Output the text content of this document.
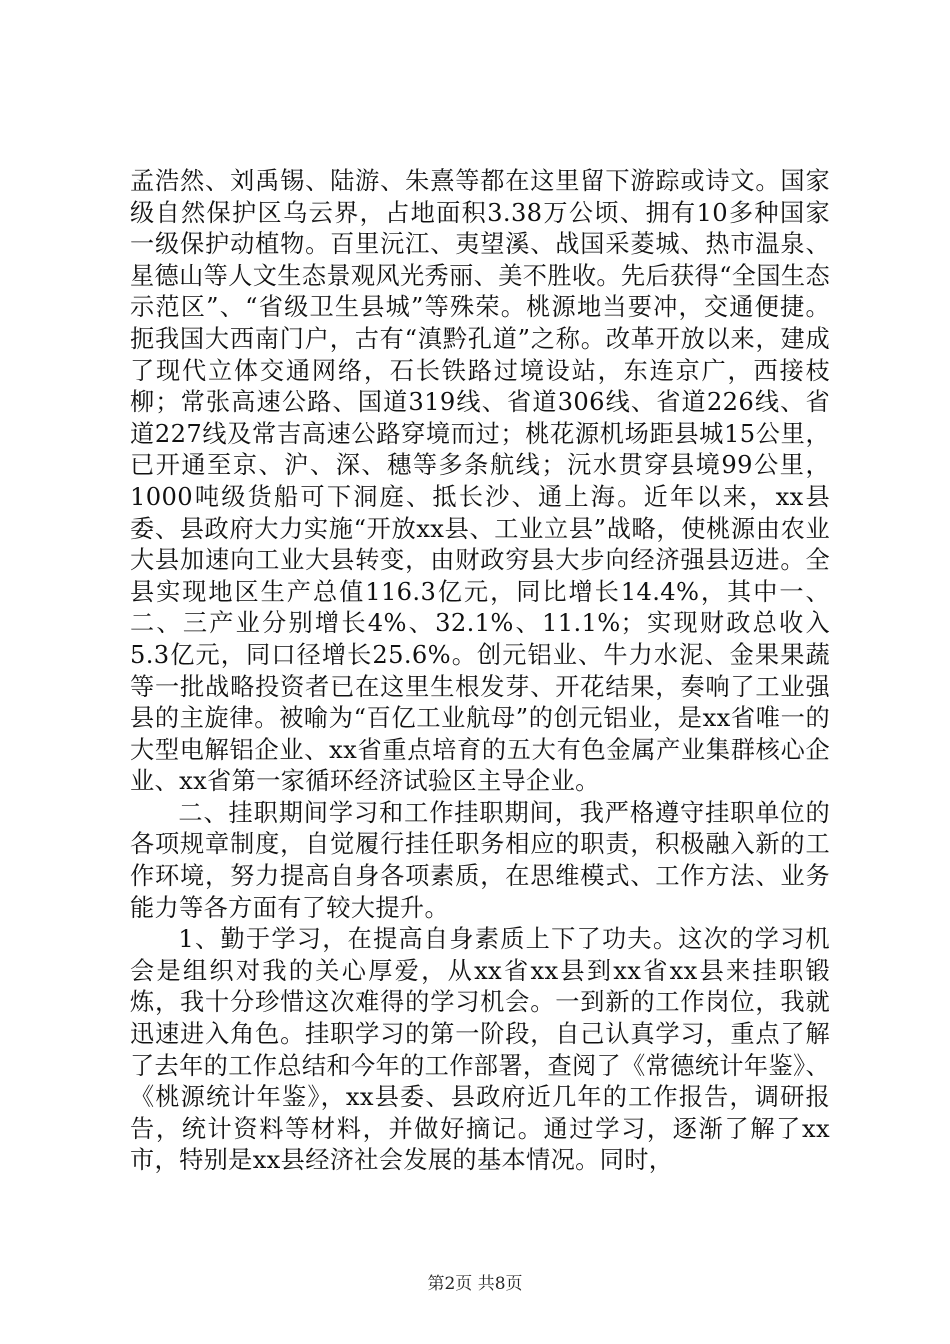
孟浩然、刘禹锡、陆游、朱熹等都在这里留下游踪或诗文。国家级自然保护区乌云界，占地面积3.38万公顷、拥有10多种国家一级保护动植物。百里沅江、夷望溪、战国采菱城、热市温泉、星德山等人文生态景观风光秀丽、美不胜收。先后获得“全国生态示范区”、“省级卫生县城”等殊荣。桃源地当要冲，交通便捷。扼我国大西南门户，古有“滇黔孔道”之称。改革开放以来，建成了现代立体交通网络，石长铁路过境设站，东连京广，西接枝柳；常张高速公路、国道319线、省道306线、省道226线、省道227线及常吉高速公路穿境而过；桃花源机场距县城15公里，已开通至京、沪、深、穗等多条航线；沅水贯穿县境99公里，1000吨级货船可下洞庭、抵长沙、通上海。近年以来，xx县委、县政府大力实施“开放xx县、工业立县”战略，使桃源由农业大县加速向工业大县转变，由财政穷县大步向经济强县迈进。全县实现地区生产总值116.3亿元，同比增长14.4%，其中一、二、三产业分别增长4%、32.1%、11.1%；实现财政总收入5.3亿元，同口径增长25.6%。创元铝业、牛力水泥、金果果蔬等一批战略投资者已在这里生根发芽、开花结果，奏响了工业强县的主旋律。被喻为“百亿工业航母”的创元铝业，是xx省唯一的大型电解铝企业、xx省重点培育的五大有色金属产业集群核心企业、xx省第一家循环经济试验区主导企业。

二、挂职期间学习和工作挂职期间，我严格遵守挂职单位的各项规章制度，自觉履行挂任职务相应的职责，积极融入新的工作环境，努力提高自身各项素质，在思维模式、工作方法、业务能力等各方面有了较大提升。

1、勤于学习，在提高自身素质上下了功夫。这次的学习机会是组织对我的关心厚爱，从xx省xx县到xx省xx县来挂职锻炼，我十分珍惜这次难得的学习机会。一到新的工作岗位，我就迅速进入角色。挂职学习的第一阶段，自己认真学习，重点了解了去年的工作总结和今年的工作部署，查阅了《常德统计年鉴》、《桃源统计年鉴》，xx县委、县政府近几年的工作报告，调研报告，统计资料等材料，并做好摘记。通过学习，逐渐了解了xx市，特别是xx县经济社会发展的基本情况。同时，

第2页 共8页
